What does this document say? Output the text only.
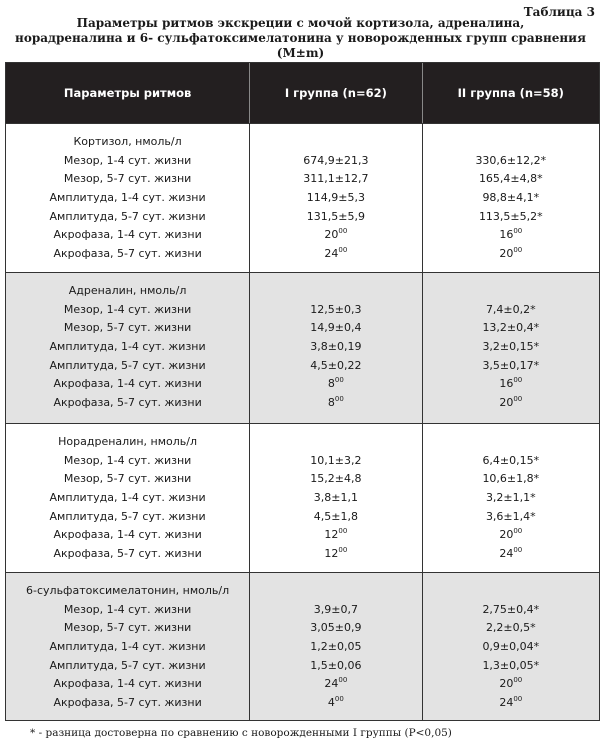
Таблица 3
Параметры ритмов экскреции с мочой кортизола, адреналина,
норадреналина и 6- сульфатоксимелатонина у новорожденных групп сравнения (M±m)
Параметры ритмов	I группа (n=62)	II группа (n=58)
Кортизол, нмоль/л
Мезор, 1-4 сут. жизни
Мезор, 5-7 сут. жизни
Амплитуда, 1-4 сут. жизни
Амплитуда, 5-7 сут. жизни
Акрофаза, 1-4 сут. жизни
Акрофаза, 5-7 сут. жизни
674,9±21,3
311,1±12,7
114,9±5,3
131,5±5,9
$20^{00}$
$24^{00}$
330,6±12,2*
165,4±4,8*
98,8±4,1*
113,5±5,2*
$16^{00}$
$20^{00}$
Адреналин, нмоль/л
Мезор, 1-4 сут. жизни
Мезор, 5-7 сут. жизни
Амплитуда, 1-4 сут. жизни
Амплитуда, 5-7 сут. жизни
Акрофаза, 1-4 сут. жизни
Акрофаза, 5-7 сут. жизни
12,5±0,3
14,9±0,4
3,8±0,19
4,5±0,22
$8^{00}$
$8^{00}$
7,4±0,2*
13,2±0,4*
3,2±0,15*
3,5±0,17*
$16^{00}$
$20^{00}$
Норадреналин, нмоль/л
Мезор, 1-4 сут. жизни
Мезор, 5-7 сут. жизни
Амплитуда, 1-4 сут. жизни
Амплитуда, 5-7 сут. жизни
Акрофаза, 1-4 сут. жизни
Акрофаза, 5-7 сут. жизни
10,1±3,2
15,2±4,8
3,8±1,1
4,5±1,8
$12^{00}$
$12^{00}$
6,4±0,15*
10,6±1,8*
3,2±1,1*
3,6±1,4*
$20^{00}$
$24^{00}$
6-сульфатоксимелатонин, нмоль/л
Мезор, 1-4 сут. жизни
Мезор, 5-7 сут. жизни
Амплитуда, 1-4 сут. жизни
Амплитуда, 5-7 сут. жизни
Акрофаза, 1-4 сут. жизни
Акрофаза, 5-7 сут. жизни
3,9±0,7
3,05±0,9
1,2±0,05
1,5±0,06
$24^{00}$
$4^{00}$
2,75±0,4*
2,2±0,5*
0,9±0,04*
1,3±0,05*
$20^{00}$
$24^{00}$
* - разница достоверна по сравнению с новорожденными I группы (P<0,05)
